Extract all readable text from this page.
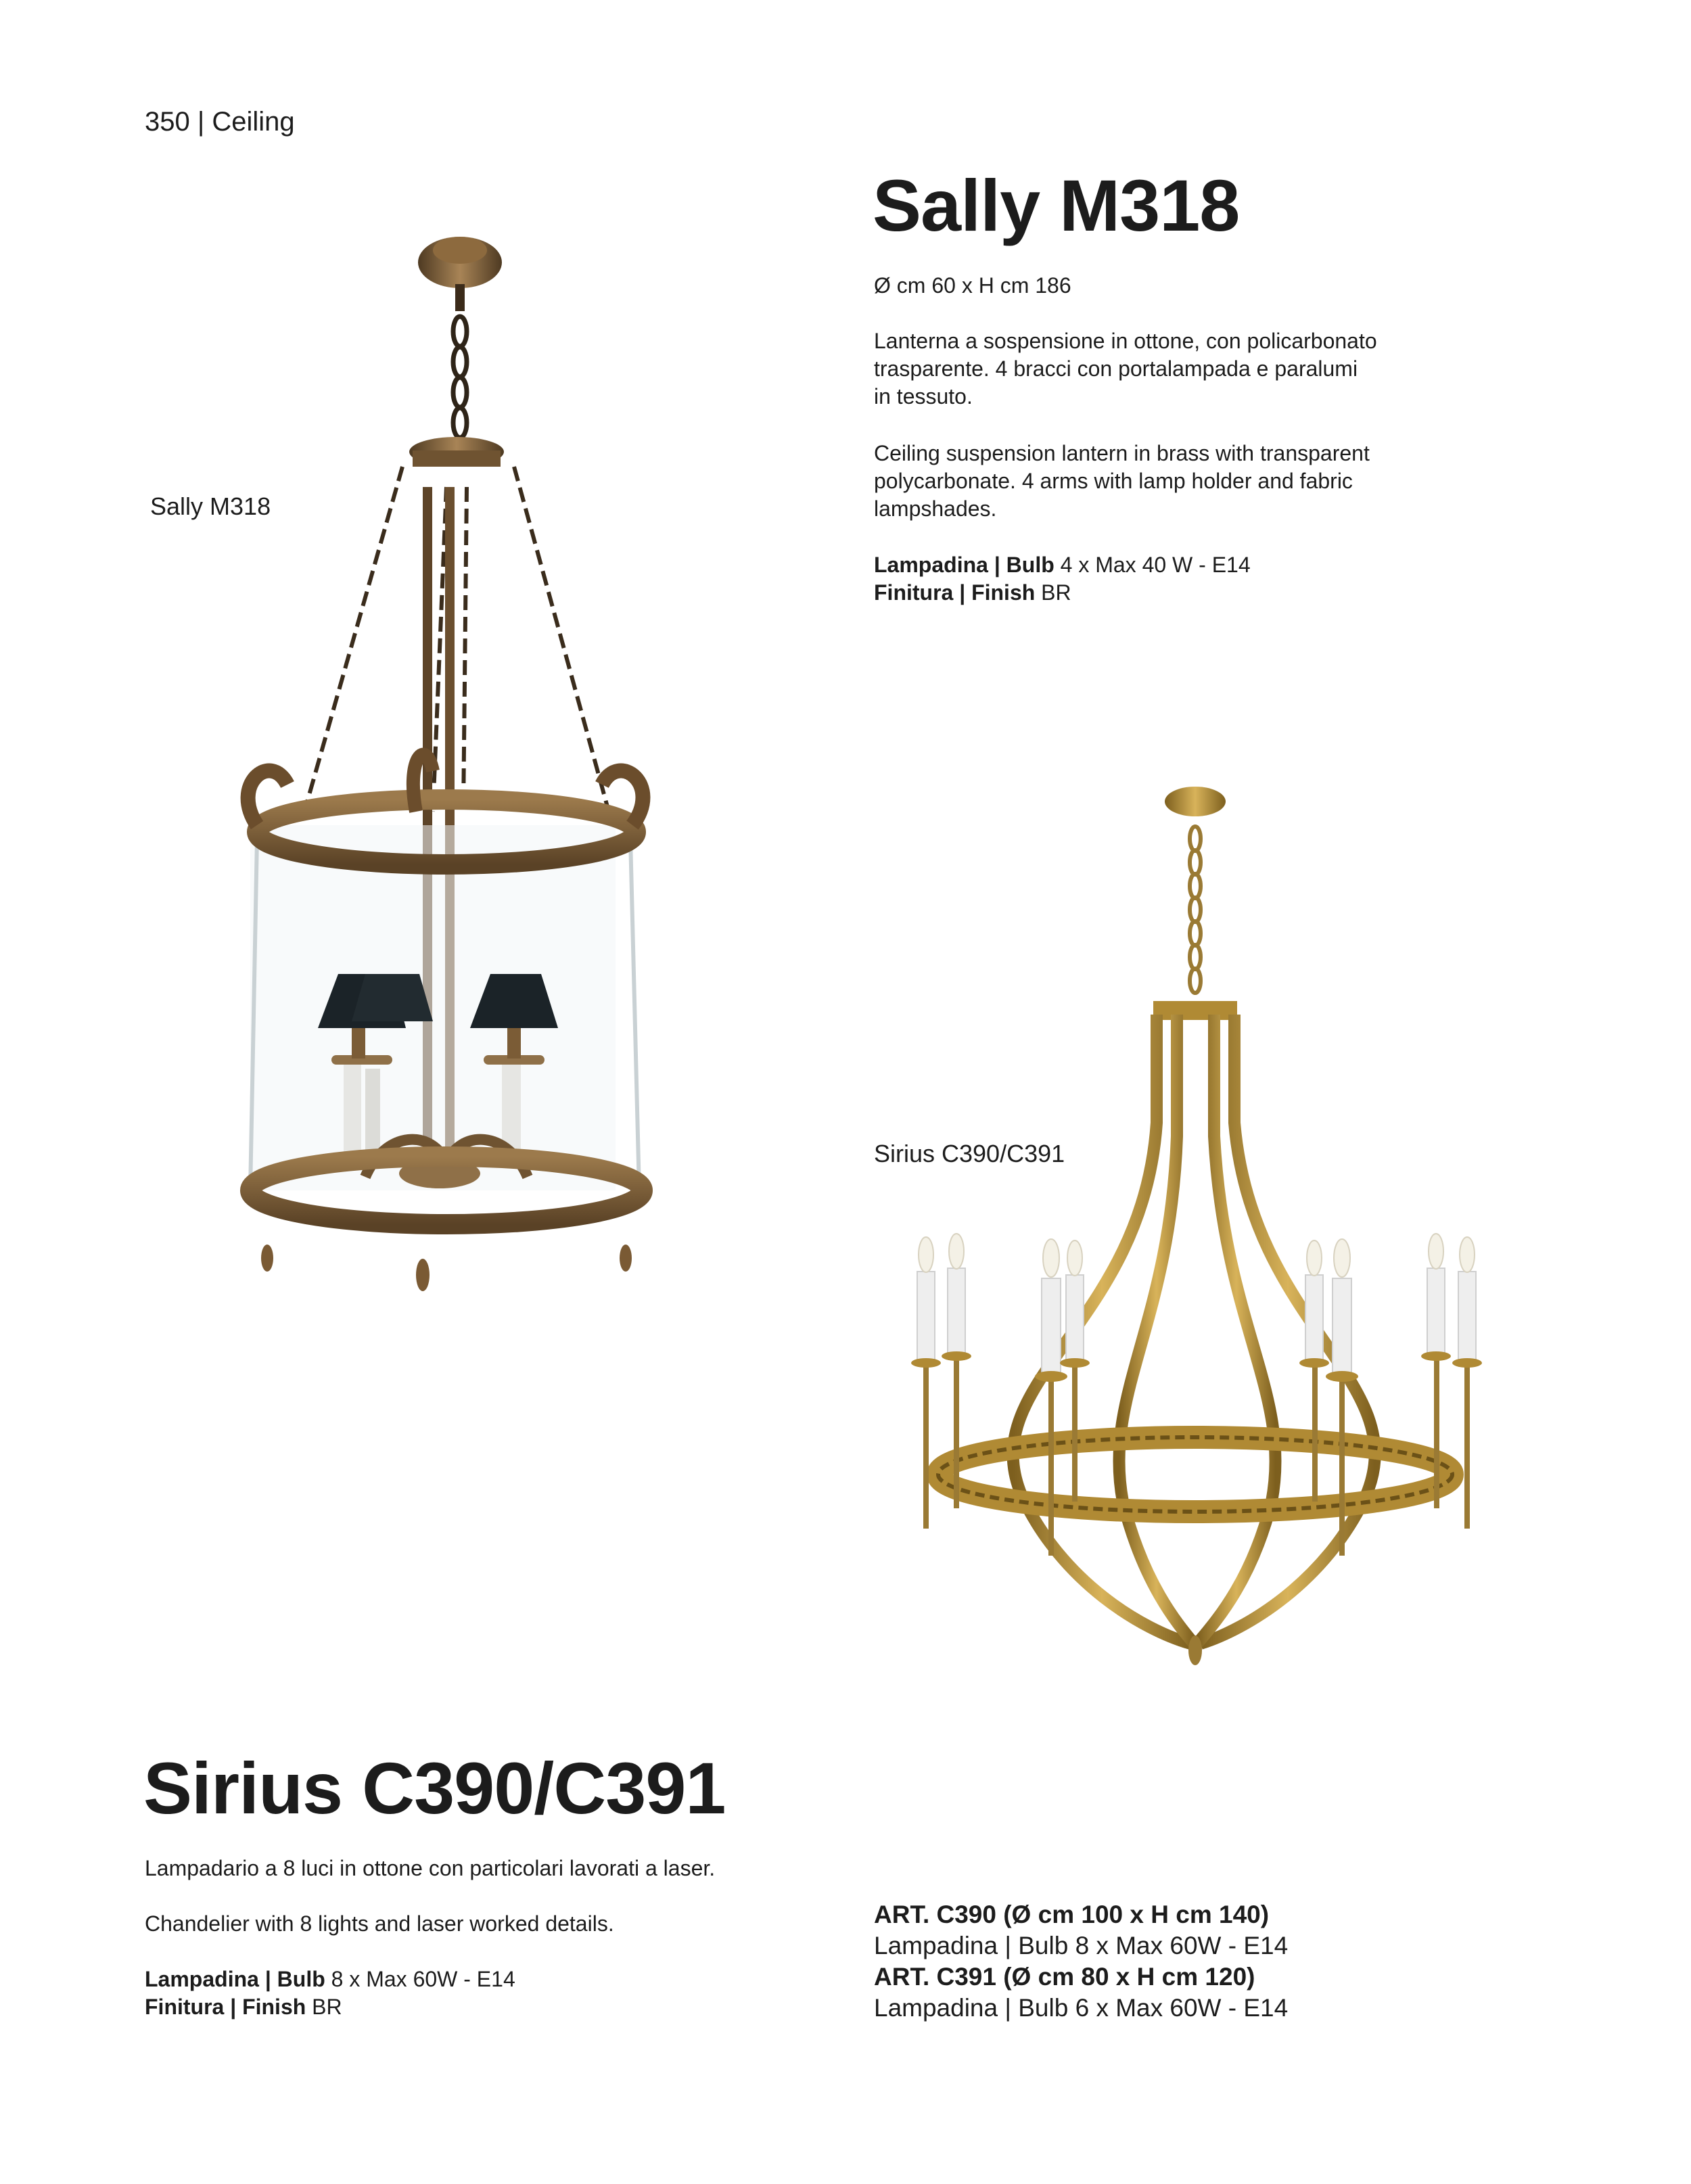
350 | Ceiling
Sally M318
Ø cm 60 x H cm 186

Lanterna a sospensione in ottone, con policarbonato

trasparente. 4 bracci con portalampada e paralumi

in tessuto.

Ceiling suspension lantern in brass with transparent

polycarbonate. 4 arms with lamp holder and fabric

lampshades.

Lampadina | Bulb 4 x Max 40 W - E14

Finitura | Finish BR

Sally M318
Sirius C390/C391
Sirius C390/C391
Lampadario a 8 luci in ottone con particolari lavorati a laser.
Chandelier with 8 lights and laser worked details.

Lampadina | Bulb 8 x Max 60W - E14

Finitura | Finish BR

ART. C390 (Ø cm 100 x H cm 140)
Lampadina | Bulb 8 x Max 60W - E14
ART. C391 (Ø cm 80 x H cm 120)
Lampadina | Bulb 6 x Max 60W - E14
